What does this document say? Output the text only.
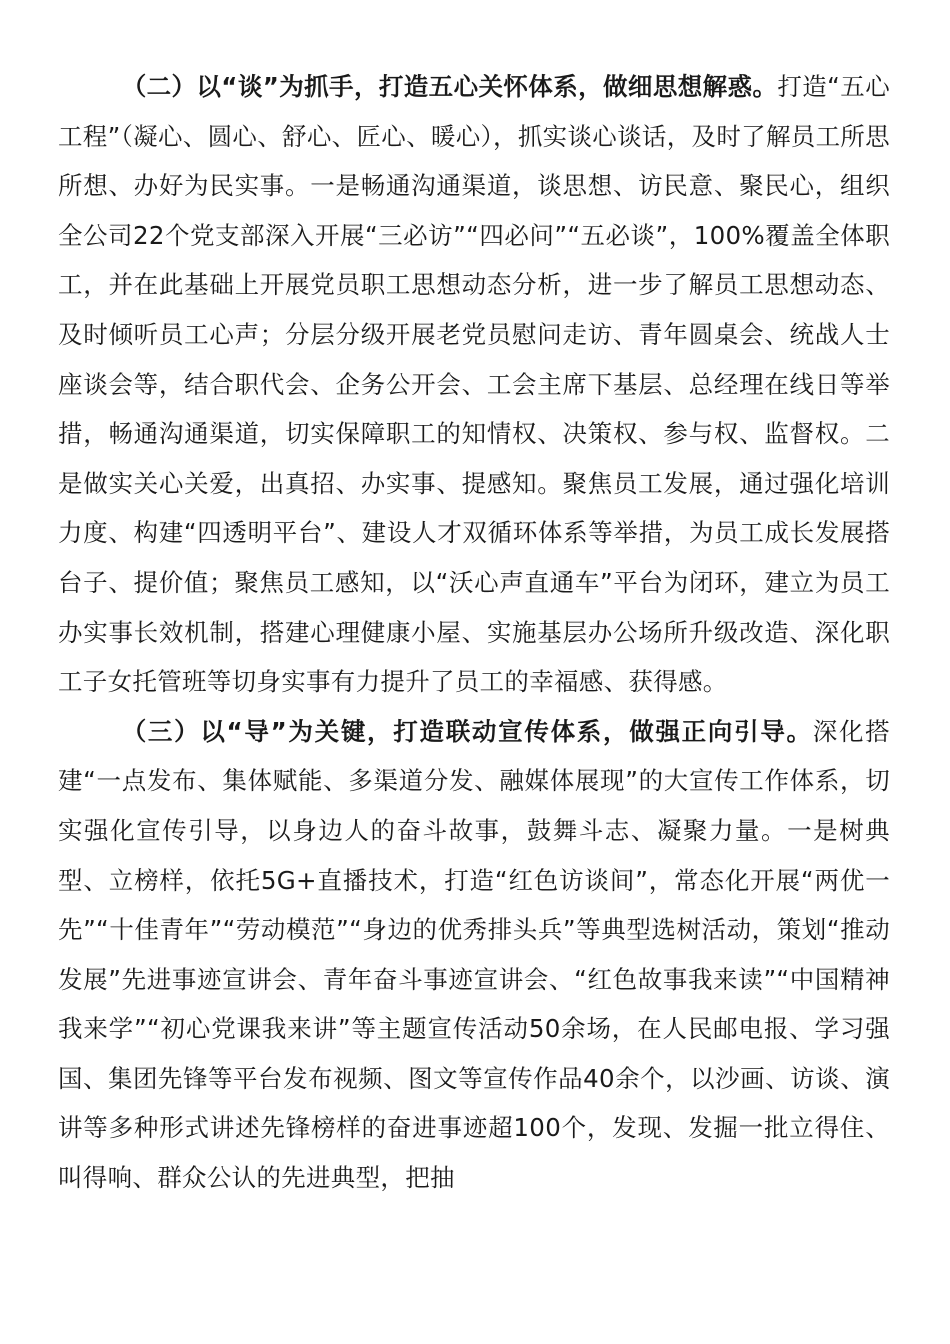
（二）以“谈”为抓手，打造五心关怀体系，做细思想解惑。打造“五心工程”（凝心、圆心、舒心、匠心、暖心），抓实谈心谈话，及时了解员工所思所想、办好为民实事。一是畅通沟通渠道，谈思想、访民意、聚民心，组织全公司22个党支部深入开展“三必访”“四必问”“五必谈”，100%覆盖全体职工，并在此基础上开展党员职工思想动态分析，进一步了解员工思想动态、及时倾听员工心声；分层分级开展老党员慰问走访、青年圆桌会、统战人士座谈会等，结合职代会、企务公开会、工会主席下基层、总经理在线日等举措，畅通沟通渠道，切实保障职工的知情权、决策权、参与权、监督权。二是做实关心关爱，出真招、办实事、提感知。聚焦员工发展，通过强化培训力度、构建“四透明平台”、建设人才双循环体系等举措，为员工成长发展搭台子、提价值；聚焦员工感知，以“沃心声直通车”平台为闭环，建立为员工办实事长效机制，搭建心理健康小屋、实施基层办公场所升级改造、深化职工子女托管班等切身实事有力提升了员工的幸福感、获得感。

（三）以“导”为关键，打造联动宣传体系，做强正向引导。深化搭建“一点发布、集体赋能、多渠道分发、融媒体展现”的大宣传工作体系，切实强化宣传引导，以身边人的奋斗故事，鼓舞斗志、凝聚力量。一是树典型、立榜样，依托5G+直播技术，打造“红色访谈间”，常态化开展“两优一先”“十佳青年”“劳动模范”“身边的优秀排头兵”等典型选树活动，策划“推动发展”先进事迹宣讲会、青年奋斗事迹宣讲会、“红色故事我来读”“中国精神我来学”“初心党课我来讲”等主题宣传活动50余场，在人民邮电报、学习强国、集团先锋等平台发布视频、图文等宣传作品40余个，以沙画、访谈、演讲等多种形式讲述先锋榜样的奋进事迹超100个，发现、发掘一批立得住、叫得响、群众公认的先进典型，把抽
